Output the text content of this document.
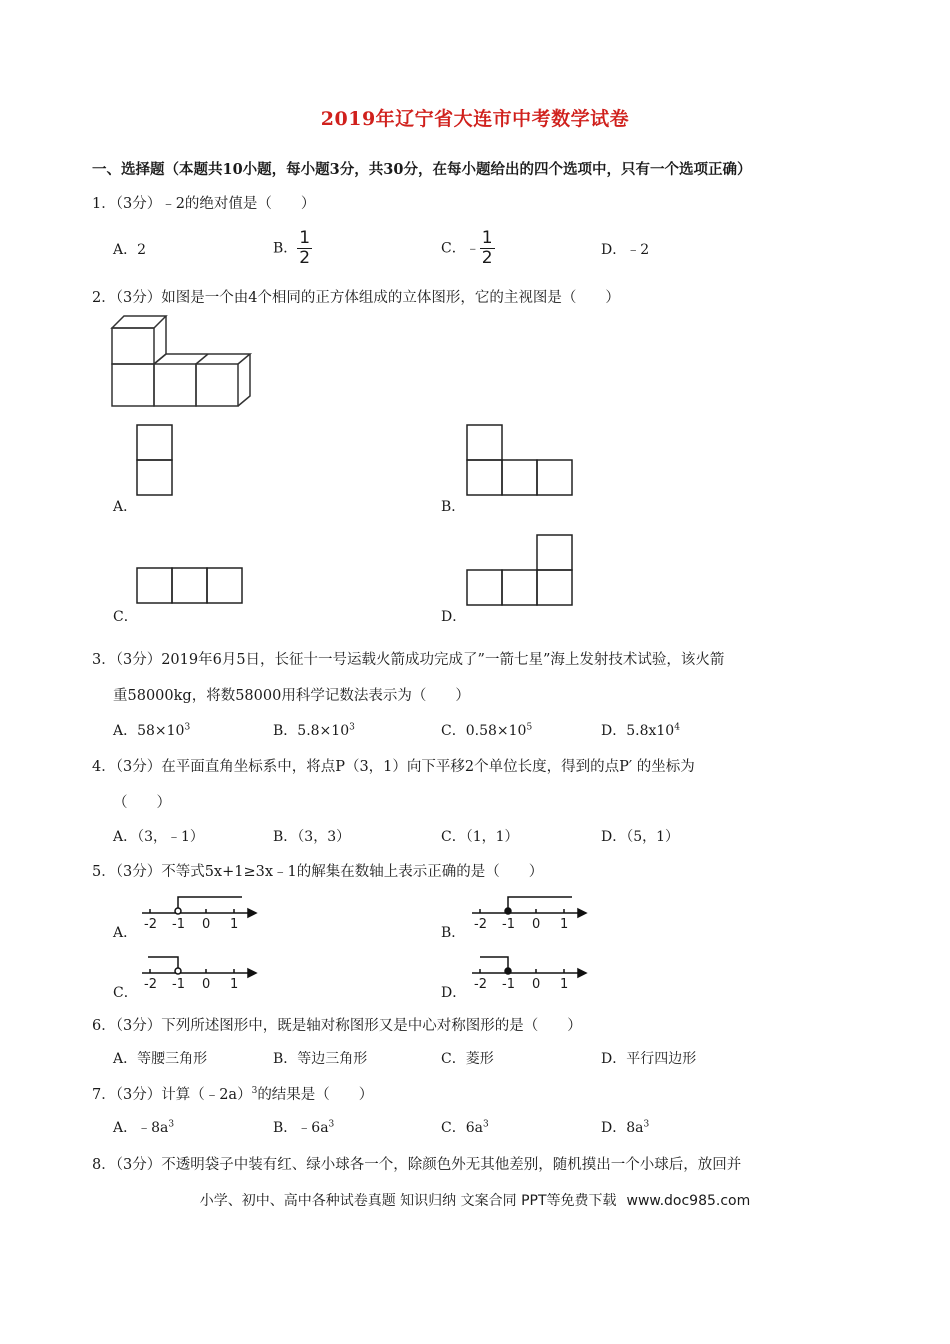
2019年辽宁省大连市中考数学试卷
一、选择题（本题共10小题，每小题3分，共30分，在每小题给出的四个选项中，只有一个选项正确）
1．（3分）﹣2的绝对值是（　　）
A．2	B． $\frac{1}{2}$	C．﹣ $\frac{1}{2}$	D．﹣2
2．（3分）如图是一个由4个相同的正方体组成的立体图形，它的主视图是（　　）
A．	B．
C．	D．
3．（3分）2019年6月5日，长征十一号运载火箭成功完成了”一箭七星”海上发射技术试验，该火箭
重58000kg，将数58000用科学记数法表示为（　　）
A．$58\times 10^3$	B．$5.8\times 10^3$	C．$0.58\times 10^5$	D．$5.8x10^4$
4．（3分）在平面直角坐标系中，将点P（3，1）向下平移2个单位长度，得到的点P′ 的坐标为
（　　）
A．（3，﹣1）	B．（3，3）	C．（1，1）	D．（5，1）
5．（3分）不等式5x+1≥3x﹣1的解集在数轴上表示正确的是（　　）
A．
-2 -1 0 1
B．
-2 -1 0 1
C．
-2 -1 0 1
D．
-2 -1 0 1
6．（3分）下列所述图形中，既是轴对称图形又是中心对称图形的是（　　）
A．等腰三角形	B．等边三角形	C．菱形	D．平行四边形
7．（3分）计算（﹣2a）$^3$的结果是（　　）
A．$﹣8a^3$	B．$﹣6a^3$	C．$6a^3$	D．$8a^3$
8．（3分）不透明袋子中装有红、绿小球各一个，除颜色外无其他差别，随机摸出一个小球后，放回并
小学、初中、高中各种试卷真题 知识归纳 文案合同 PPT等免费下载 www.doc985.com
